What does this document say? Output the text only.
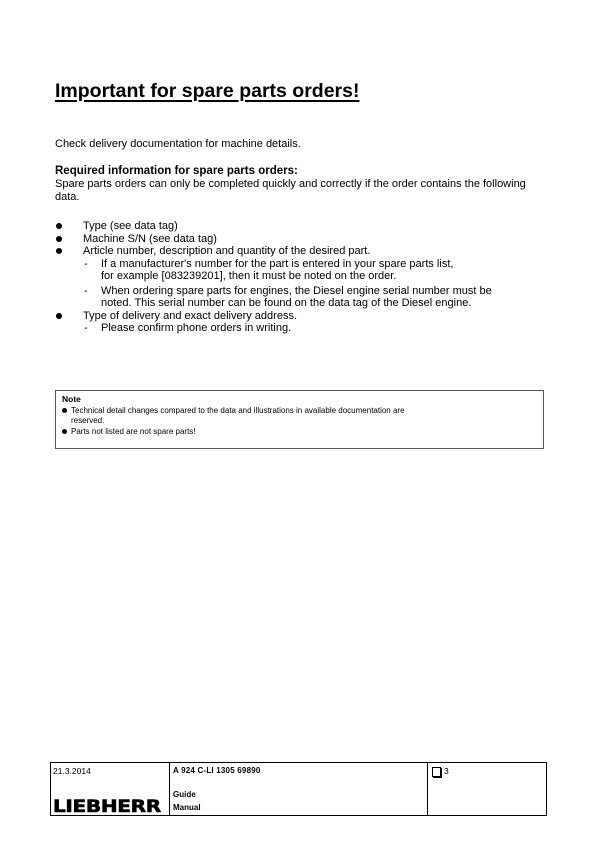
Important for spare parts orders!
Check delivery documentation for machine details.
Required information for spare parts orders:
Spare parts orders can only be completed quickly and correctly if the order contains the following data.
Type (see data tag)
Machine S/N (see data tag)
Article number, description and quantity of the desired part.
- If a manufacturer's number for the part is entered in your spare parts list,
for example [083239201], then it must be noted on the order.
- When ordering spare parts for engines, the Diesel engine serial number must be
noted. This serial number can be found on the data tag of the Diesel engine.
Type of delivery and exact delivery address.
- Please confirm phone orders in writing.
Note
Technical detail changes compared to the data and illustrations in available documentation are
reserved.
Parts not listed are not spare parts!
21.3.2014
LIEBHERR
A 924 C-LI 1305 69890
Guide
Manual
3
